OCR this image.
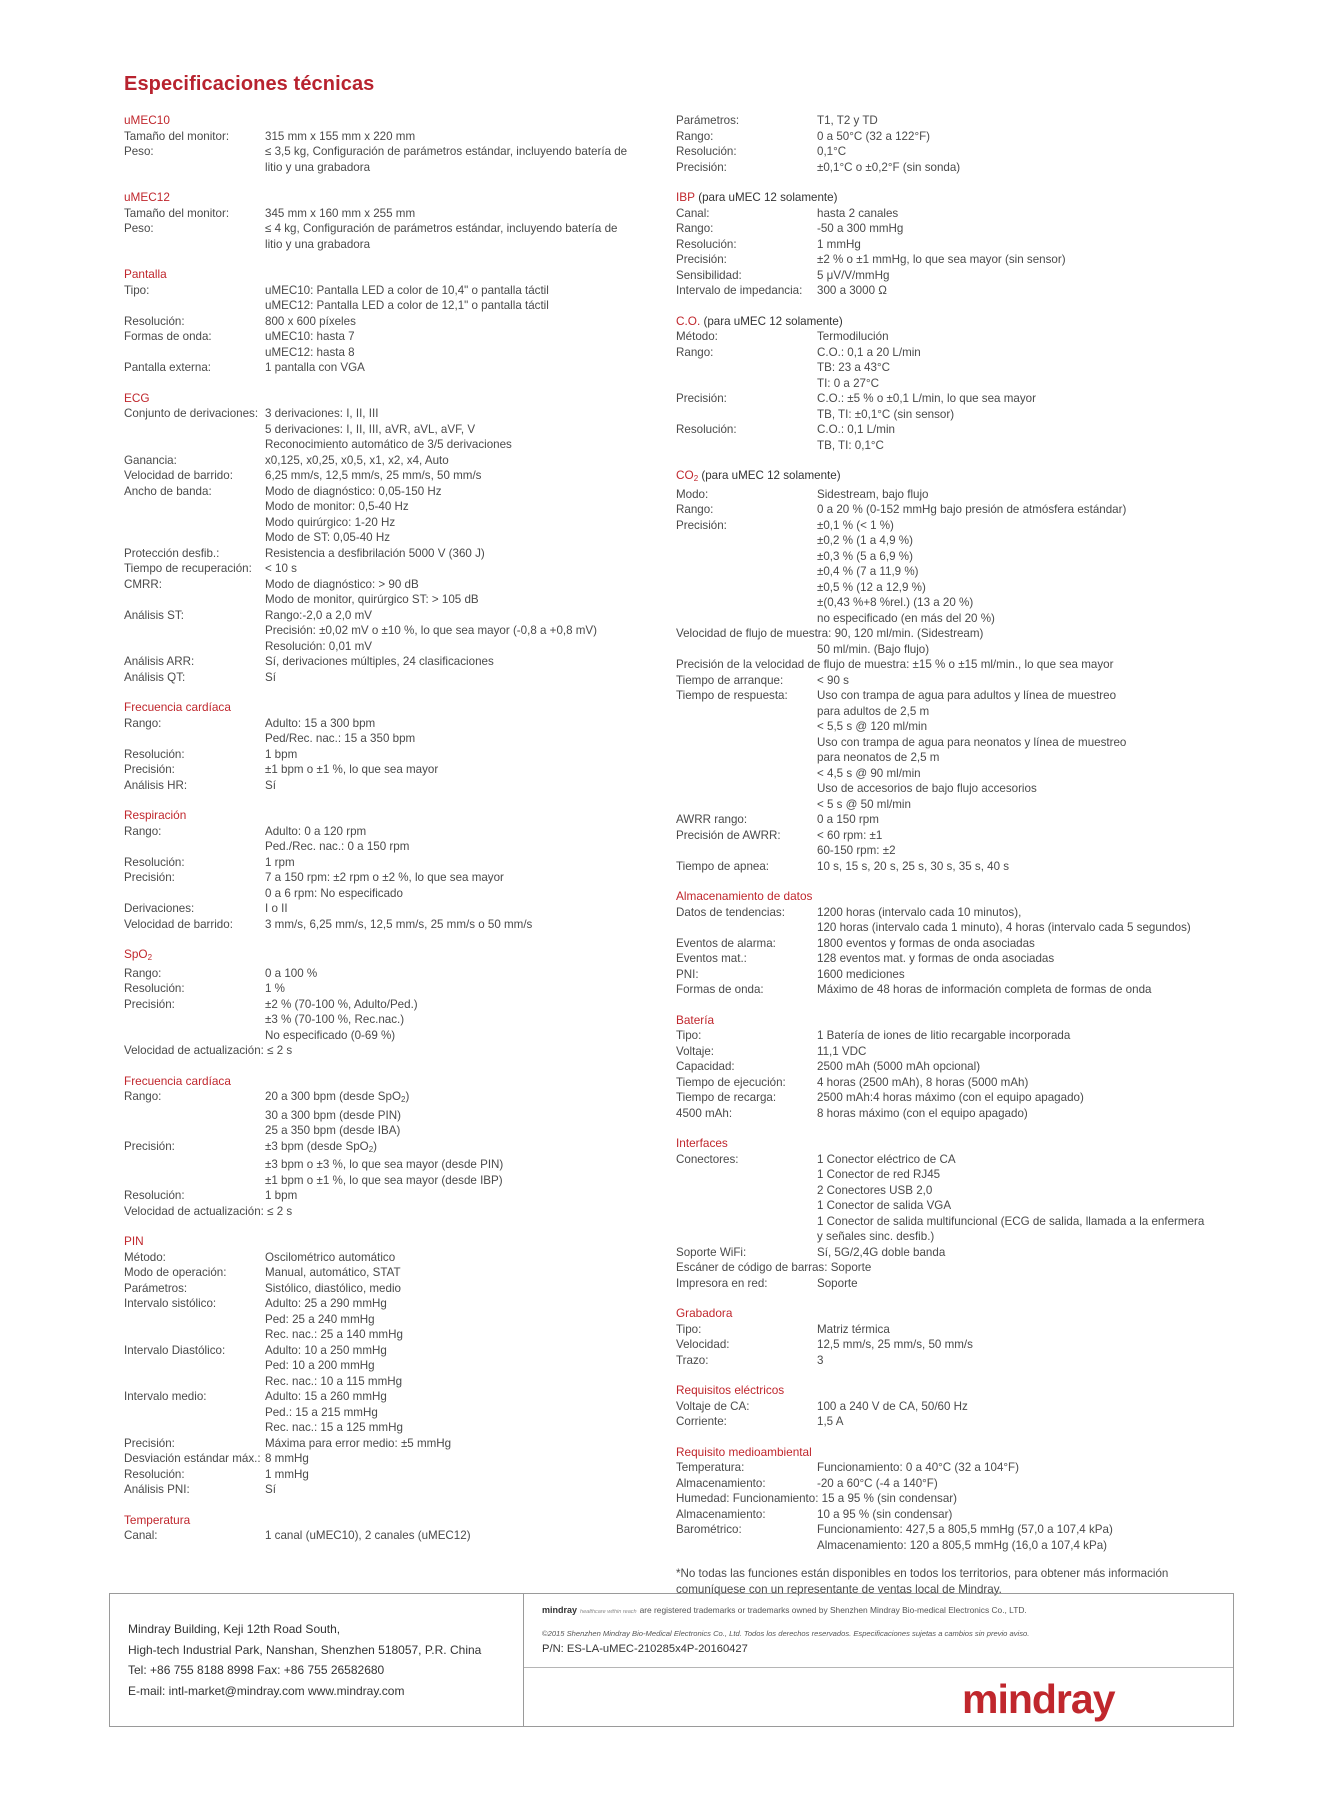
Especificaciones técnicas
uMEC10
Tamaño del monitor:	315 mm x 155 mm x 220 mm
Peso:	≤ 3,5 kg, Configuración de parámetros estándar, incluyendo batería de
litio y una grabadora
uMEC12
Tamaño del monitor:	345 mm x 160 mm x 255 mm
Peso:	≤ 4 kg, Configuración de parámetros estándar, incluyendo batería de
litio y una grabadora
Pantalla
Tipo:	uMEC10: Pantalla LED a color de 10,4" o pantalla táctil
uMEC12: Pantalla LED a color de 12,1" o pantalla táctil
Resolución:	800 x 600 píxeles
Formas de onda:	uMEC10: hasta 7
uMEC12: hasta 8
Pantalla externa:	1 pantalla con VGA
ECG
Conjunto de derivaciones: 3 derivaciones: I, II, III
5 derivaciones: I, II, III, aVR, aVL, aVF, V
Reconocimiento automático de 3/5 derivaciones
Ganancia:	x0,125, x0,25, x0,5, x1, x2, x4, Auto
Velocidad de barrido:	6,25 mm/s, 12,5 mm/s, 25 mm/s, 50 mm/s
Ancho de banda:	Modo de diagnóstico: 0,05-150 Hz
Modo de monitor: 0,5-40 Hz
Modo quirúrgico: 1-20 Hz
Modo de ST: 0,05-40 Hz
Protección desfib.:	Resistencia a desfibrilación 5000 V (360 J)
Tiempo de recuperación: < 10 s
CMRR:	Modo de diagnóstico: > 90 dB
Modo de monitor, quirúrgico ST: > 105 dB
Análisis ST:	Rango:-2,0 a 2,0 mV
Precisión: ±0,02 mV o ±10 %, lo que sea mayor (-0,8 a +0,8 mV)
Resolución: 0,01 mV
Análisis ARR:	Sí, derivaciones múltiples, 24 clasificaciones
Análisis QT:	Sí
Frecuencia cardíaca
Rango:	Adulto: 15 a 300 bpm
Ped/Rec. nac.: 15 a 350 bpm
Resolución:	1 bpm
Precisión:	±1 bpm o ±1 %, lo que sea mayor
Análisis HR:	Sí
Respiración
Rango:	Adulto: 0 a 120 rpm
Ped./Rec. nac.: 0 a 150 rpm
Resolución:	1 rpm
Precisión:	7 a 150 rpm: ±2 rpm o ±2 %, lo que sea mayor
0 a 6 rpm: No especificado
Derivaciones:	I o II
Velocidad de barrido:	3 mm/s, 6,25 mm/s, 12,5 mm/s, 25 mm/s o 50 mm/s
SpO$_2$
Rango:	0 a 100 %
Resolución:	1 %
Precisión:	±2 % (70-100 %, Adulto/Ped.)
±3 % (70-100 %, Rec.nac.)
No especificado (0-69 %)
Velocidad de actualización: ≤ 2 s
Frecuencia cardíaca
Rango:	20 a 300 bpm (desde SpO$_2$)
30 a 300 bpm (desde PIN)
25 a 350 bpm (desde IBA)
Precisión:	±3 bpm (desde SpO$_2$)
±3 bpm o ±3 %, lo que sea mayor (desde PIN)
±1 bpm o ±1 %, lo que sea mayor (desde IBP)
Resolución:	1 bpm
Velocidad de actualización: ≤ 2 s
PIN
Método:	Oscilométrico automático
Modo de operación:	Manual, automático, STAT
Parámetros:	Sistólico, diastólico, medio
Intervalo sistólico:	Adulto: 25 a 290 mmHg
Ped: 25 a 240 mmHg
Rec. nac.: 25 a 140 mmHg
Intervalo Diastólico:	Adulto: 10 a 250 mmHg
Ped: 10 a 200 mmHg
Rec. nac.: 10 a 115 mmHg
Intervalo medio:	Adulto: 15 a 260 mmHg
Ped.: 15 a 215 mmHg
Rec. nac.: 15 a 125 mmHg
Precisión:	Máxima para error medio: ±5 mmHg
Desviación estándar máx.: 8 mmHg
Resolución:	1 mmHg
Análisis PNI:	Sí
Temperatura
Canal:	1 canal (uMEC10), 2 canales (uMEC12)
Parámetros:	T1, T2 y TD
Rango:	0 a 50°C (32 a 122°F)
Resolución:	0,1°C
Precisión:	±0,1°C o ±0,2°F (sin sonda)
IBP (para uMEC 12 solamente)
Canal:	hasta 2 canales
Rango:	-50 a 300 mmHg
Resolución:	1 mmHg
Precisión:	±2 % o ±1 mmHg, lo que sea mayor (sin sensor)
Sensibilidad:	5 μV/V/mmHg
Intervalo de impedancia: 300 a 3000 Ω
C.O. (para uMEC 12 solamente)
Método:	Termodilución
Rango:	C.O.: 0,1 a 20 L/min
TB: 23 a 43°C
TI: 0 a 27°C
Precisión:	C.O.: ±5 % o ±0,1 L/min, lo que sea mayor
TB, TI: ±0,1°C (sin sensor)
Resolución:	C.O.: 0,1 L/min
TB, TI: 0,1°C
$CO_2$ (para uMEC 12 solamente)
Modo:	Sidestream, bajo flujo
Rango:	0 a 20 % (0-152 mmHg bajo presión de atmósfera estándar)
Precisión:	±0,1 % (< 1 %)
±0,2 % (1 a 4,9 %)
±0,3 % (5 a 6,9 %)
±0,4 % (7 a 11,9 %)
±0,5 % (12 a 12,9 %)
±(0,43 %+8 %rel.) (13 a 20 %)
no especificado (en más del 20 %)
Velocidad de flujo de muestra: 90, 120 ml/min. (Sidestream)
50 ml/min. (Bajo flujo)
Precisión de la velocidad de flujo de muestra: ±15 % o ±15 ml/min., lo que sea mayor
Tiempo de arranque:	< 90 s
Tiempo de respuesta:	Uso con trampa de agua para adultos y línea de muestreo
para adultos de 2,5 m
< 5,5 s @ 120 ml/min
Uso con trampa de agua para neonatos y línea de muestreo
para neonatos de 2,5 m
< 4,5 s @ 90 ml/min
Uso de accesorios de bajo flujo accesorios
< 5 s @ 50 ml/min
AWRR rango:	0 a 150 rpm
Precisión de AWRR:	< 60 rpm: ±1
60-150 rpm: ±2
Tiempo de apnea:	10 s, 15 s, 20 s, 25 s, 30 s, 35 s, 40 s
Almacenamiento de datos
Datos de tendencias:	1200 horas (intervalo cada 10 minutos),
120 horas (intervalo cada 1 minuto), 4 horas (intervalo cada 5 segundos)
Eventos de alarma:	1800 eventos y formas de onda asociadas
Eventos mat.:	128 eventos mat. y formas de onda asociadas
PNI:	1600 mediciones
Formas de onda:	Máximo de 48 horas de información completa de formas de onda
Batería
Tipo:	1 Batería de iones de litio recargable incorporada
Voltaje:	11,1 VDC
Capacidad:	2500 mAh (5000 mAh opcional)
Tiempo de ejecución:	4 horas (2500 mAh), 8 horas (5000 mAh)
Tiempo de recarga:	2500 mAh:4 horas máximo (con el equipo apagado)
4500 mAh:	8 horas máximo (con el equipo apagado)
Interfaces
Conectores:	1 Conector eléctrico de CA
1 Conector de red RJ45
2 Conectores USB 2,0
1 Conector de salida VGA
1 Conector de salida multifuncional (ECG de salida, llamada a la enfermera
y señales sinc. desfib.)
Soporte WiFi:	Sí, 5G/2,4G doble banda
Escáner de código de barras: Soporte
Impresora en red:	Soporte
Grabadora
Tipo:	Matriz térmica
Velocidad:	12,5 mm/s, 25 mm/s, 50 mm/s
Trazo:	3
Requisitos eléctricos
Voltaje de CA:	100 a 240 V de CA, 50/60 Hz
Corriente:	1,5 A
Requisito medioambiental
Temperatura:	Funcionamiento: 0 a 40°C (32 a 104°F)
Almacenamiento:	-20 a 60°C (-4 a 140°F)
Humedad: Funcionamiento: 15 a 95 % (sin condensar)
Almacenamiento:	10 a 95 % (sin condensar)
Barométrico:	Funcionamiento: 427,5 a 805,5 mmHg (57,0 a 107,4 kPa)
Almacenamiento: 120 a 805,5 mmHg (16,0 a 107,4 kPa)
*No todas las funciones están disponibles en todos los territorios, para obtener más información
comuníquese con un representante de ventas local de Mindray.
Mindray Building, Keji 12th Road South,
High-tech Industrial Park, Nanshan, Shenzhen 518057, P.R. China
Tel: +86 755 8188 8998 Fax: +86 755 26582680
E-mail: intl-market@mindray.com www.mindray.com
mindray healthcare within reach are registered trademarks or trademarks owned by Shenzhen Mindray Bio-medical Electronics Co., LTD.
©2015 Shenzhen Mindray Bio-Medical Electronics Co., Ltd. Todos los derechos reservados. Especificaciones sujetas a cambios sin previo aviso.
P/N: ES-LA-uMEC-210285x4P-20160427
mindray
